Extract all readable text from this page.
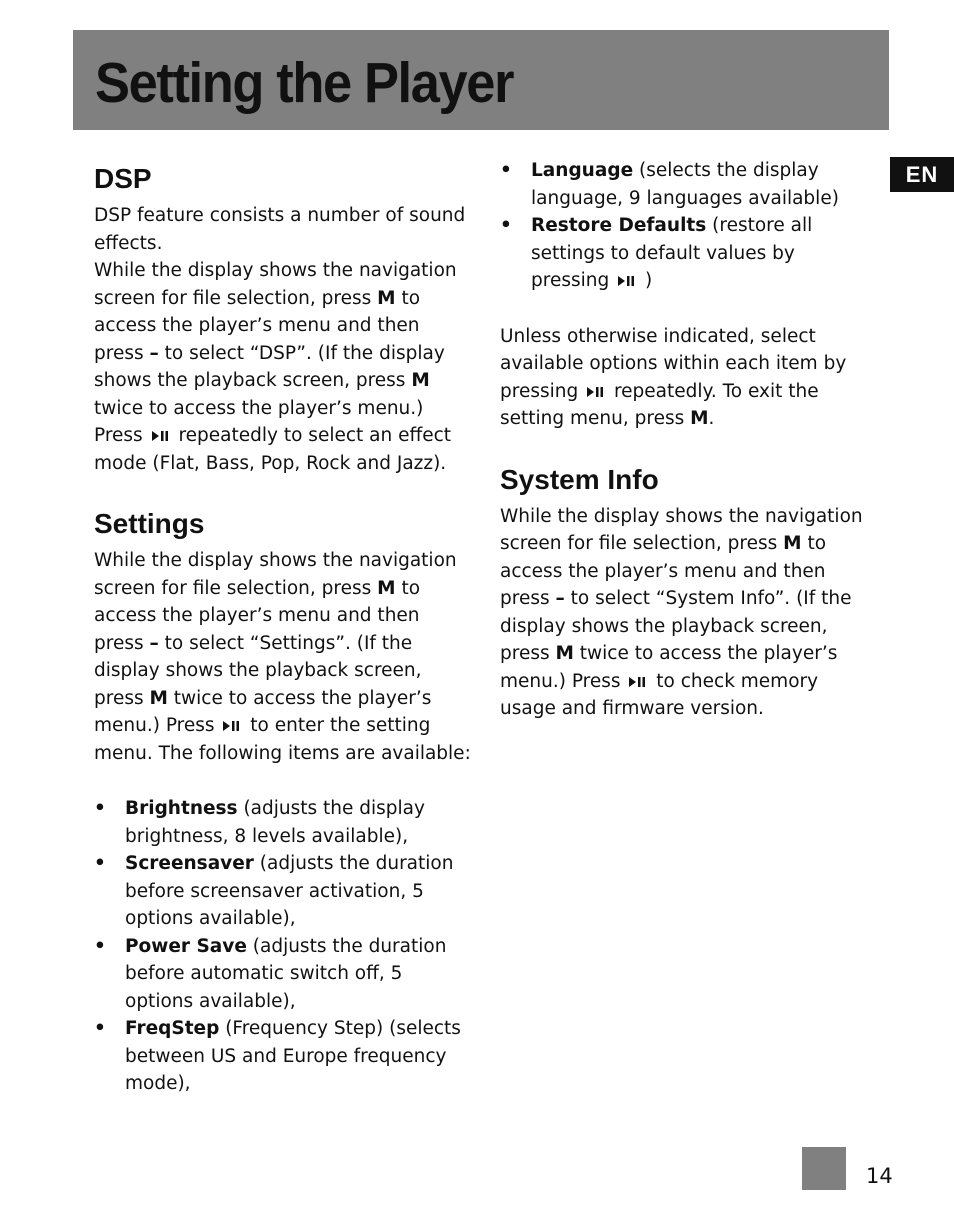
Setting the Player
EN
DSP

DSP feature consists a number of sound effects.

While the display shows the navigation screen for file selection, press M to access the player’s menu and then press – to select “DSP”. (If the display shows the playback screen, press M twice to access the player’s menu.) Press  repeatedly to select an effect mode (Flat, Bass, Pop, Rock and Jazz).

Settings

While the display shows the navigation screen for file selection, press M to access the player’s menu and then press – to select “Settings”. (If the display shows the playback screen, press M twice to access the player’s menu.) Press  to enter the setting menu. The following items are available:

• Brightness (adjusts the display brightness, 8 levels available),
• Screensaver (adjusts the duration before screensaver activation, 5 options available),
• Power Save (adjusts the duration before automatic switch off, 5 options available),
• FreqStep (Frequency Step) (selects between US and Europe frequency mode),
• Language (selects the display language, 9 languages available)
• Restore Defaults (restore all settings to default values by pressing  )

Unless otherwise indicated, select available options within each item by pressing  repeatedly. To exit the setting menu, press M.

System Info

While the display shows the navigation screen for file selection, press M to access the player’s menu and then press – to select “System Info”. (If the display shows the playback screen, press M twice to access the player’s menu.) Press  to check memory usage and firmware version.

14
